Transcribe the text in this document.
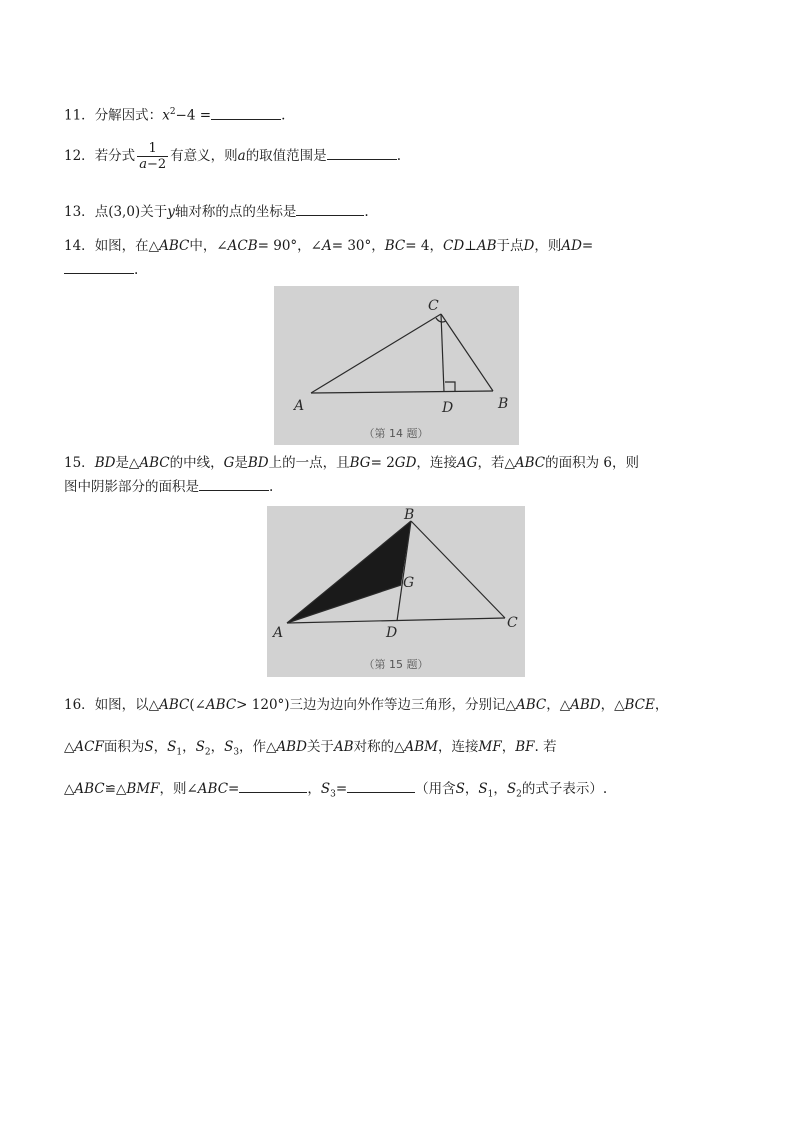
11．分解因式：$x^2-4$ =	.
12．若分式 $\frac{1}{a-2}$ 有意义，则a的取值范围是	.
13．点(3,0)关于y轴对称的点的坐标是	.
14．如图，在△ABC中，∠ACB= 90°，∠A= 30°，BC= 4，CD⊥AB于点D，则AD=
.
A	B
C
D
（第 14 题）
15．BD是△ABC的中线，G是BD上的一点，且BG= 2GD，连接AG，若△ABC的面积为 6，则
图中阴影部分的面积是	.
A
B
C
D
G
（第 15 题）
16．如图，以△ABC(∠ABC> 120°)三边为边向外作等边三角形，分别记△ABC，△ABD，△BCE，
△ACF面积为S，$S_1$，$S_2$，$S_3$，作△ABD关于AB对称的△ABM，连接MF，BF. 若
△ABC≌△BMF，则∠ABC=	，$S_3=$	（用含S，$S_1$，$S_2$的式子表示）.
